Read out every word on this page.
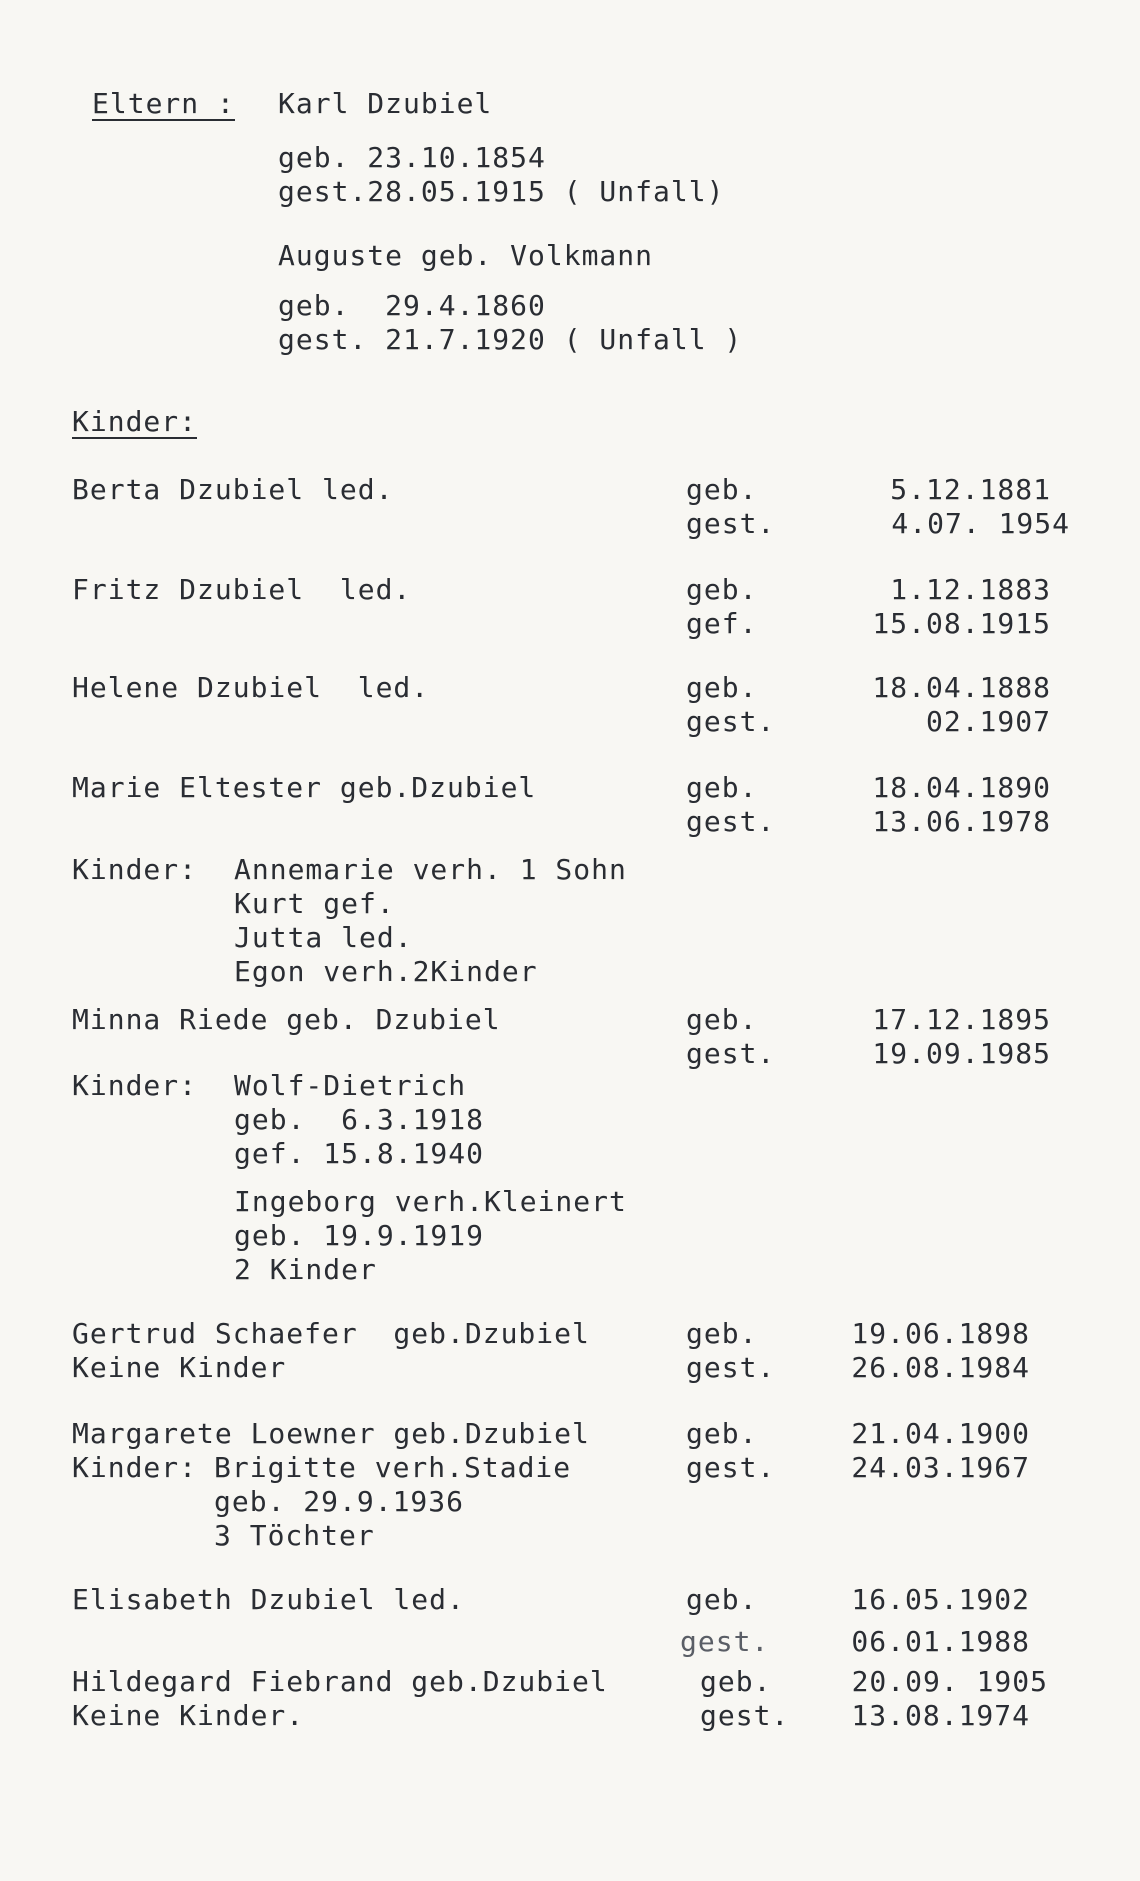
Eltern : Karl Dzubiel
geb. 23.10.1854
gest.28.05.1915 ( Unfall)
Auguste geb. Volkmann
geb.  29.4.1860
gest. 21.7.1920 ( Unfall )
Kinder:
Berta Dzubiel led.	geb.	5.12.1881
gest.	4.07. 1954
Fritz Dzubiel  led.	geb.	1.12.1883
gef.	15.08.1915
Helene Dzubiel  led.	geb.	18.04.1888
gest.	02.1907
Marie Eltester geb.Dzubiel	geb.	18.04.1890
gest.	13.06.1978
Kinder: Annemarie verh. 1 Sohn
Kurt gef.
Jutta led.
Egon verh.2Kinder
Minna Riede geb. Dzubiel	geb.	17.12.1895
gest.	19.09.1985
Kinder: Wolf-Dietrich
geb.  6.3.1918
gef. 15.8.1940
Ingeborg verh.Kleinert
geb. 19.9.1919
2 Kinder
Gertrud Schaefer  geb.Dzubiel	geb.	19.06.1898
Keine Kinder	gest.	26.08.1984
Margarete Loewner geb.Dzubiel	geb.	21.04.1900
Kinder: Brigitte verh.Stadie	gest.	24.03.1967
geb. 29.9.1936
3 Töchter
Elisabeth Dzubiel led.	geb.	16.05.1902
gest.	06.01.1988
Hildegard Fiebrand geb.Dzubiel	geb.	20.09. 1905
Keine Kinder.	gest. 13.08.1974
